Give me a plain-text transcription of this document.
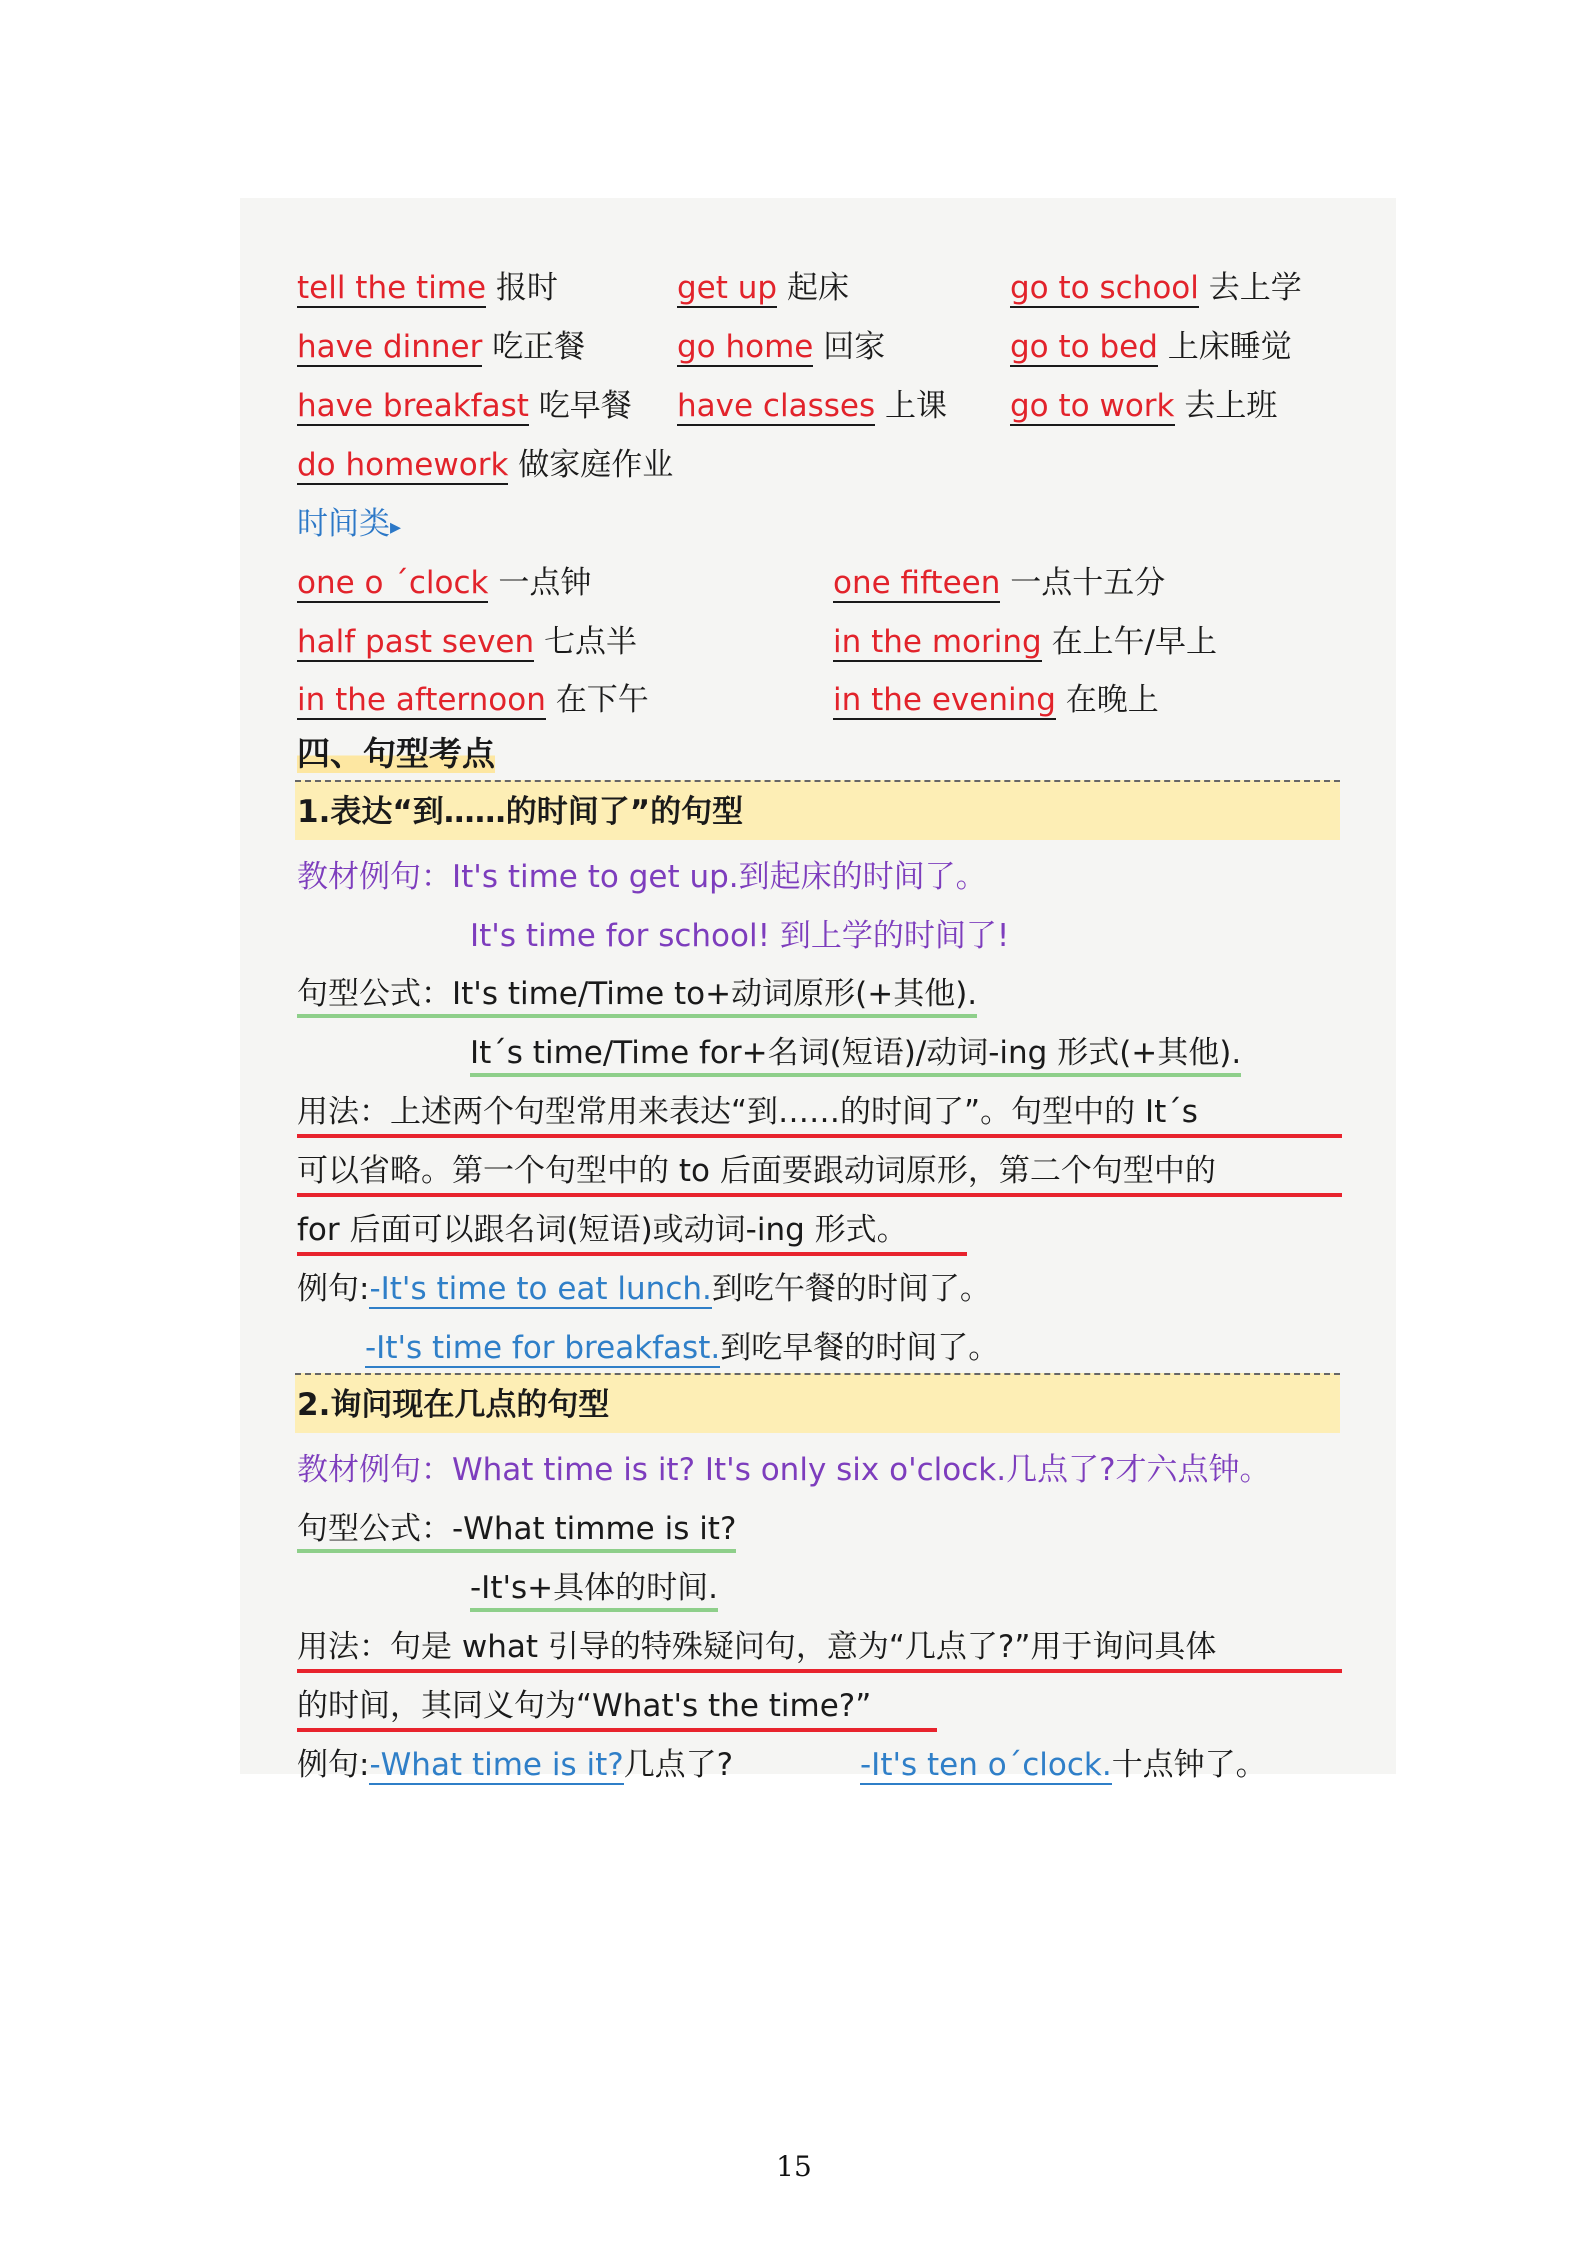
tell the time 报时	get up 起床	go to school 去上学
have dinner 吃正餐	go home 回家	go to bed 上床睡觉
have breakfast 吃早餐 have classes 上课 go to work 去上班
do homework 做家庭作业
时间类▸
one o ´clock 一点钟	one fifteen 一点十五分
half past seven 七点半	in the moring 在上午/早上
in the afternoon 在下午	in the evening 在晚上
四、句型考点
1.表达“到……的时间了”的句型
教材例句：It's time to get up.到起床的时间了。
It's time for school! 到上学的时间了!
句型公式：It's time/Time to+动词原形(+其他).
It´s time/Time for+名词(短语)/动词-ing 形式(+其他).
用法：上述两个句型常用来表达“到……的时间了”。句型中的 It´s
可以省略。第一个句型中的 to 后面要跟动词原形，第二个句型中的
for 后面可以跟名词(短语)或动词-ing 形式。
例句:-It's time to eat lunch.到吃午餐的时间了。
-It's time for breakfast.到吃早餐的时间了。
2.询问现在几点的句型
教材例句：What time is it? It's only six o'clock.几点了?才六点钟。
句型公式：-What timme is it?
-It's+具体的时间.
用法：句是 what 引导的特殊疑问句，意为“几点了?”用于询问具体
的时间，其同义句为“What's the time?”
例句:-What time is it?几点了?	-It's ten o´clock.十点钟了。
15
